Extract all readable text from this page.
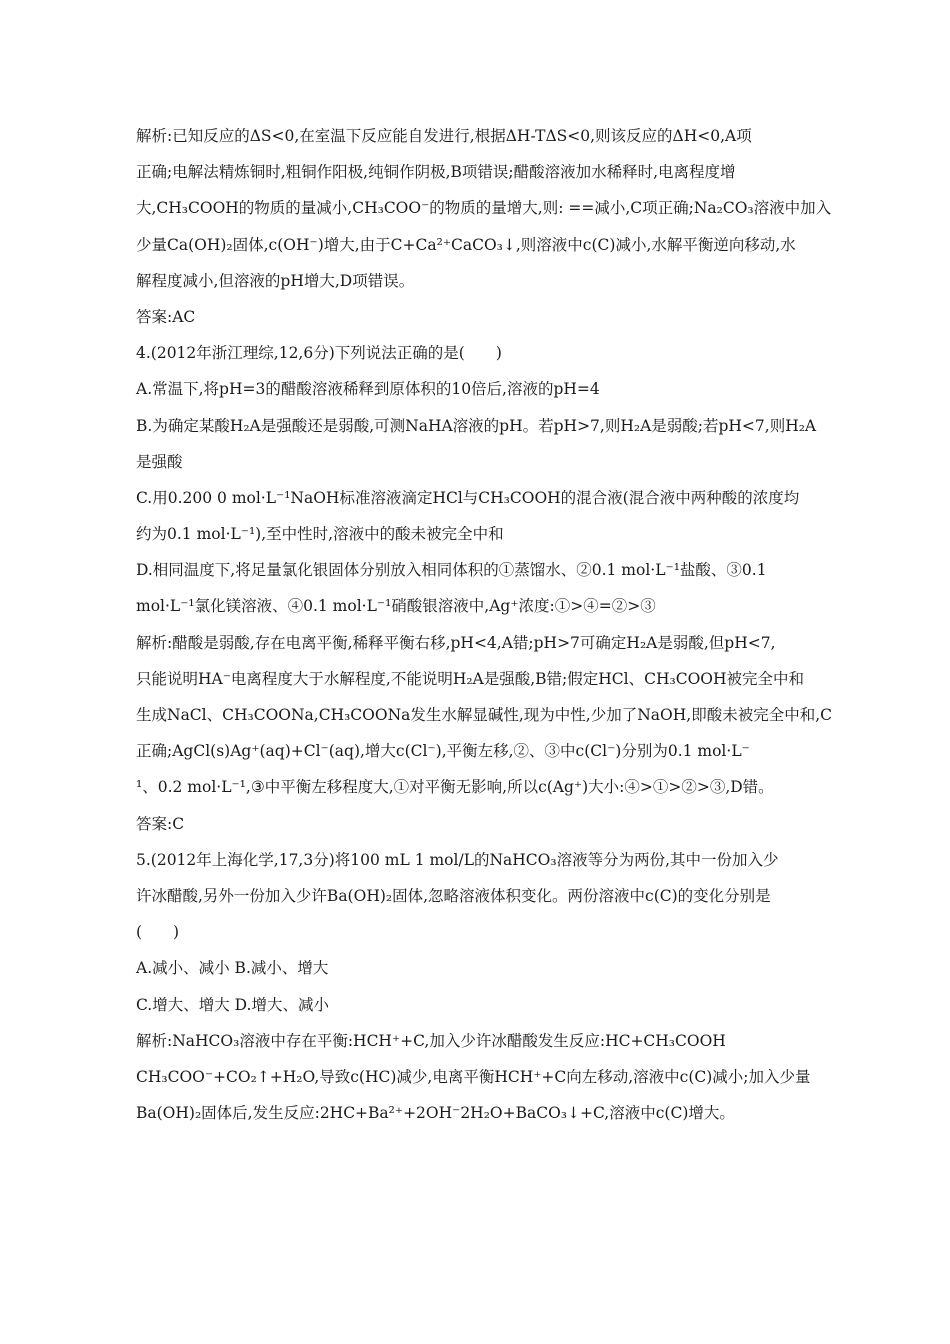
解析:已知反应的ΔS<0,在室温下反应能自发进行,根据ΔH-TΔS<0,则该反应的ΔH<0,A项
正确;电解法精炼铜时,粗铜作阳极,纯铜作阴极,B项错误;醋酸溶液加水稀释时,电离程度增
大,CH₃COOH的物质的量减小,CH₃COO⁻的物质的量增大,则: ==减小,C项正确;Na₂CO₃溶液中加入
少量Ca(OH)₂固体,c(OH⁻)增大,由于C+Ca²⁺CaCO₃↓,则溶液中c(C)减小,水解平衡逆向移动,水
解程度减小,但溶液的pH增大,D项错误。
答案:AC
4.(2012年浙江理综,12,6分)下列说法正确的是(　　)
A.常温下,将pH=3的醋酸溶液稀释到原体积的10倍后,溶液的pH=4
B.为确定某酸H₂A是强酸还是弱酸,可测NaHA溶液的pH。若pH>7,则H₂A是弱酸;若pH<7,则H₂A
是强酸
C.用0.200 0 mol·L⁻¹NaOH标准溶液滴定HCl与CH₃COOH的混合液(混合液中两种酸的浓度均
约为0.1 mol·L⁻¹),至中性时,溶液中的酸未被完全中和
D.相同温度下,将足量氯化银固体分别放入相同体积的①蒸馏水、②0.1 mol·L⁻¹盐酸、③0.1
mol·L⁻¹氯化镁溶液、④0.1 mol·L⁻¹硝酸银溶液中,Ag⁺浓度:①>④=②>③
解析:醋酸是弱酸,存在电离平衡,稀释平衡右移,pH<4,A错;pH>7可确定H₂A是弱酸,但pH<7,
只能说明HA⁻电离程度大于水解程度,不能说明H₂A是强酸,B错;假定HCl、CH₃COOH被完全中和
生成NaCl、CH₃COONa,CH₃COONa发生水解显碱性,现为中性,少加了NaOH,即酸未被完全中和,C
正确;AgCl(s)Ag⁺(aq)+Cl⁻(aq),增大c(Cl⁻),平衡左移,②、③中c(Cl⁻)分别为0.1 mol·L⁻
¹、0.2 mol·L⁻¹,③中平衡左移程度大,①对平衡无影响,所以c(Ag⁺)大小:④>①>②>③,D错。
答案:C
5.(2012年上海化学,17,3分)将100 mL 1 mol/L的NaHCO₃溶液等分为两份,其中一份加入少
许冰醋酸,另外一份加入少许Ba(OH)₂固体,忽略溶液体积变化。两份溶液中c(C)的变化分别是
(　　)
A.减小、减小 B.减小、增大
C.增大、增大 D.增大、减小
解析:NaHCO₃溶液中存在平衡:HCH⁺+C,加入少许冰醋酸发生反应:HC+CH₃COOH
CH₃COO⁻+CO₂↑+H₂O,导致c(HC)减少,电离平衡HCH⁺+C向左移动,溶液中c(C)减小;加入少量
Ba(OH)₂固体后,发生反应:2HC+Ba²⁺+2OH⁻2H₂O+BaCO₃↓+C,溶液中c(C)增大。
